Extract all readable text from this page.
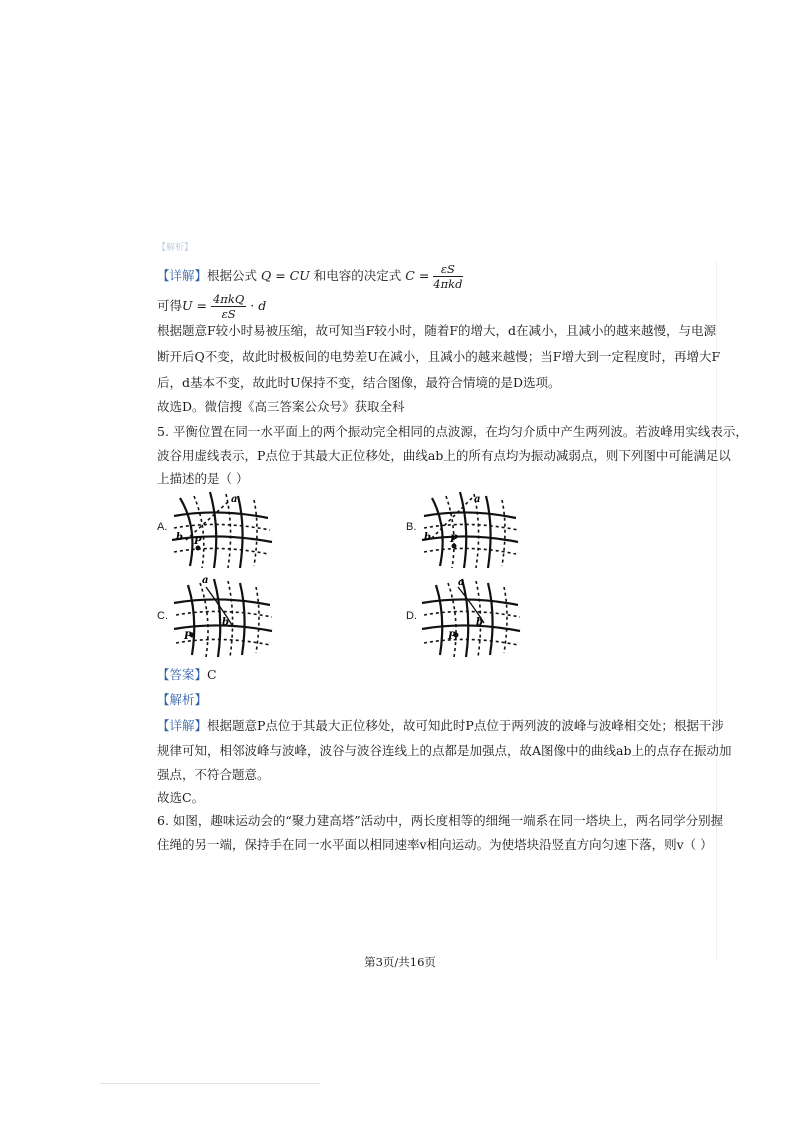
【解析】
【详解】根据公式 Q = CU 和电容的决定式 $C = \frac{\varepsilon S}{\text{4πkd}}$
可得$U = \frac{\text{4πkQ}}{\varepsilon S} \cdot d$
根据题意F较小时易被压缩，故可知当F较小时，随着F的增大，d在减小，且减小的越来越慢，与电源
断开后Q不变，故此时极板间的电势差U在减小，且减小的越来越慢；当F增大到一定程度时，再增大F
后，d基本不变，故此时U保持不变，结合图像，最符合情境的是D选项。
故选D。微信搜《高三答案公众号》获取全科
5. 平衡位置在同一水平面上的两个振动完全相同的点波源，在均匀介质中产生两列波。若波峰用实线表示，
波谷用虚线表示，P点位于其最大正位移处，曲线ab上的所有点均为振动减弱点，则下列图中可能满足以
上描述的是（ ）
A.
a
b P
B.
a
b P
C.
a
b
P
D.
a
b
P
【答案】C
【解析】
【详解】根据题意P点位于其最大正位移处，故可知此时P点位于两列波的波峰与波峰相交处；根据干涉
规律可知，相邻波峰与波峰，波谷与波谷连线上的点都是加强点，故A图像中的曲线ab上的点存在振动加
强点，不符合题意。
故选C。
6. 如图，趣味运动会的“聚力建高塔”活动中，两长度相等的细绳一端系在同一塔块上，两名同学分别握
住绳的另一端，保持手在同一水平面以相同速率v相向运动。为使塔块沿竖直方向匀速下落，则v（ ）
第3页/共16页
